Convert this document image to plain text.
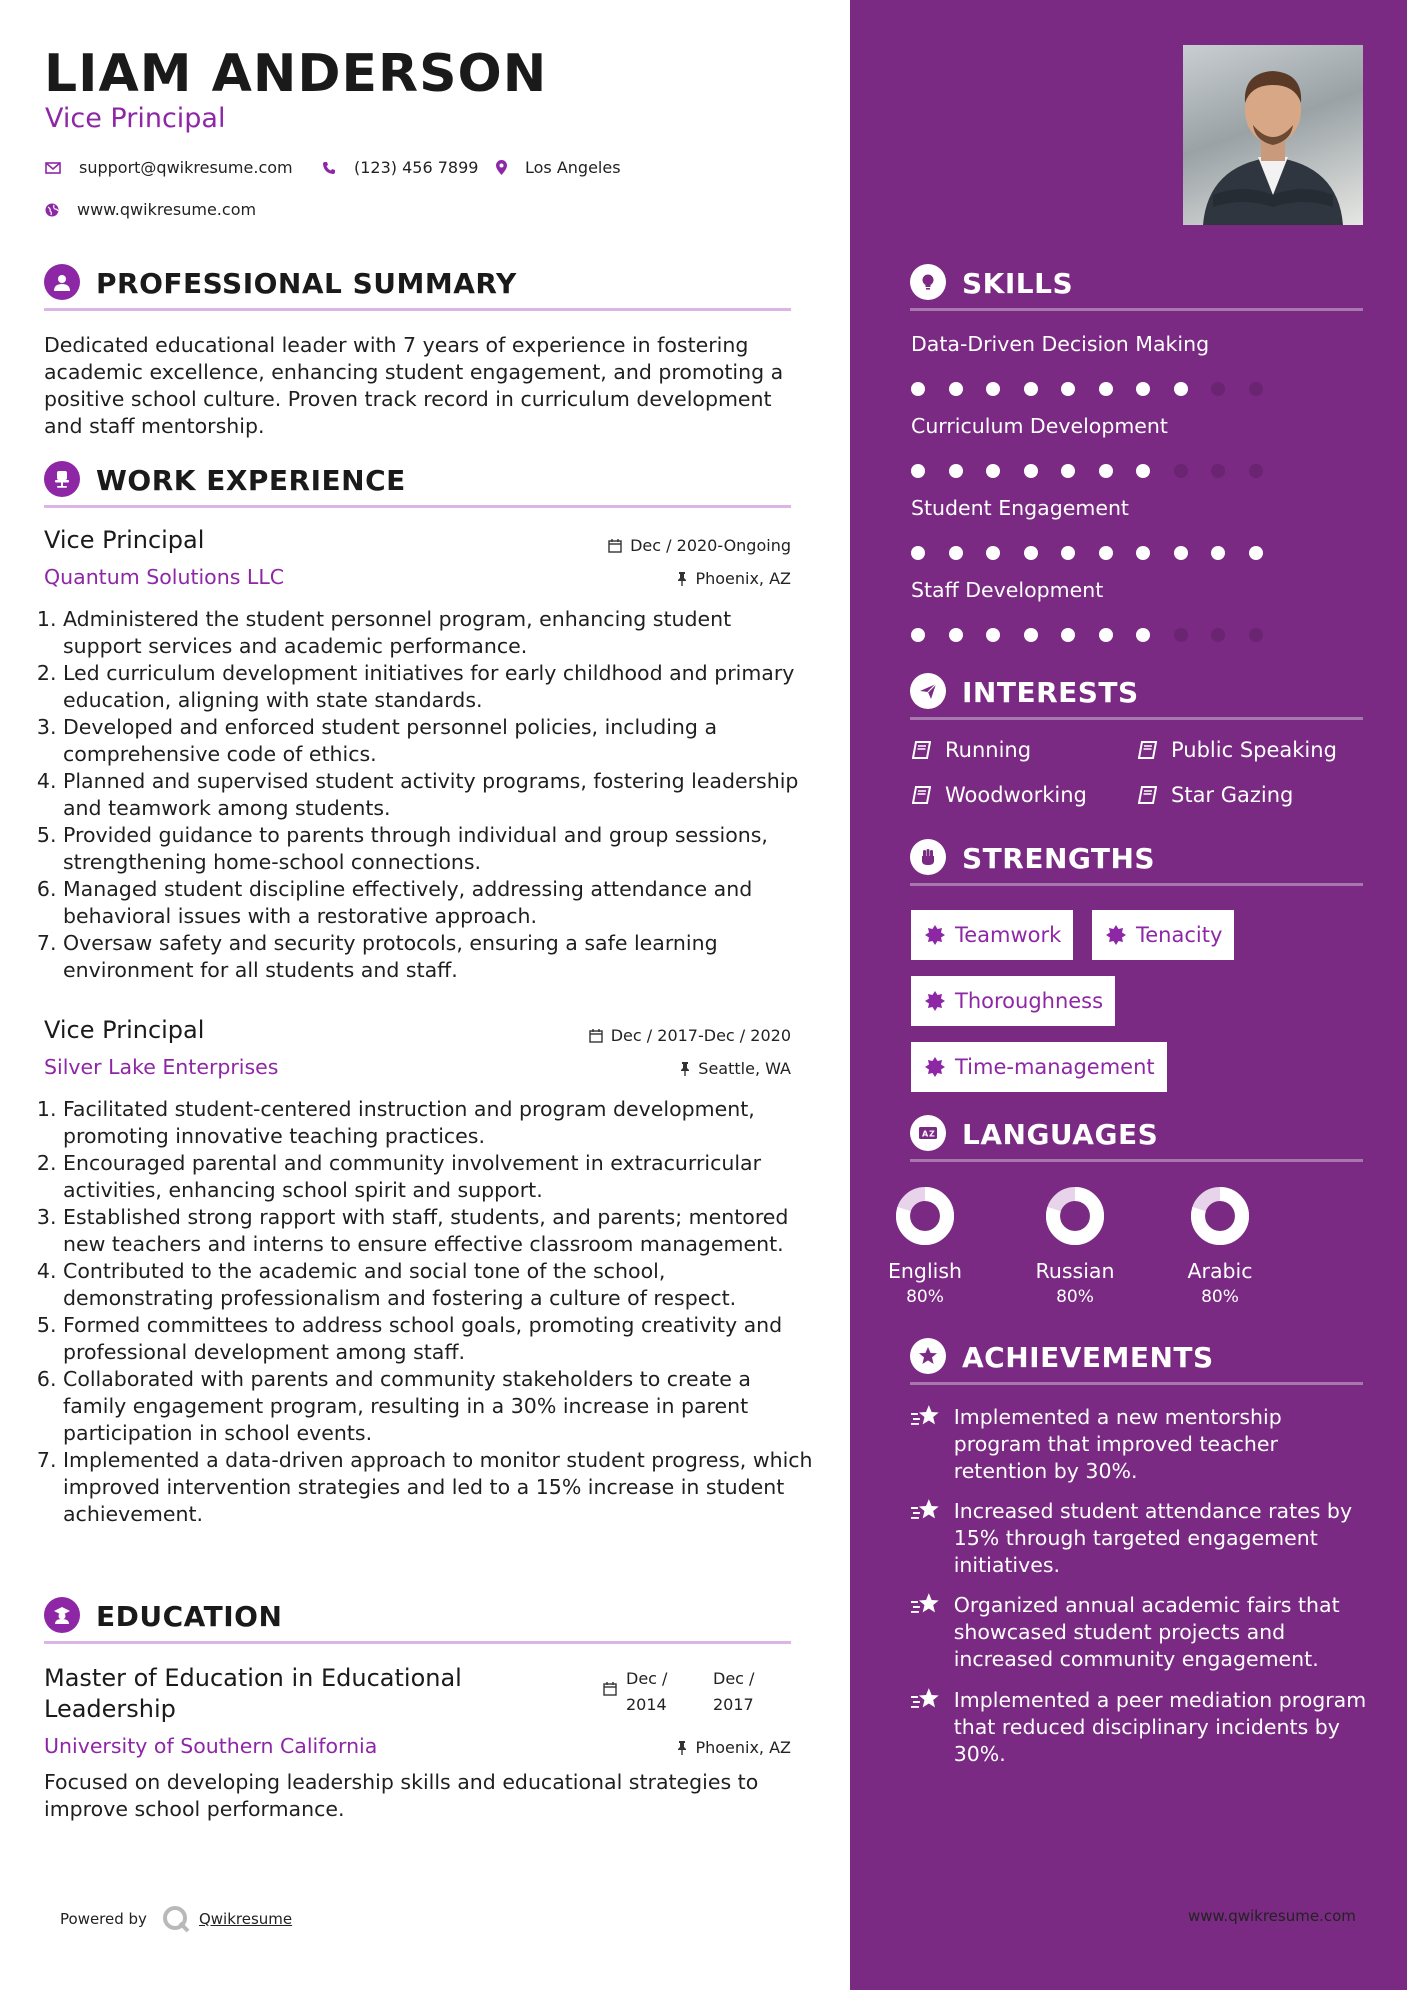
LIAM ANDERSON
Vice Principal
support@qwikresume.com	(123) 456 7899	Los Angeles
www.qwikresume.com
PROFESSIONAL SUMMARY
Dedicated educational leader with 7 years of experience in fostering academic excellence, enhancing student engagement, and promoting a positive school culture. Proven track record in curriculum development and staff mentorship.
WORK EXPERIENCE
Vice Principal	Dec / 2020-Ongoing
Quantum Solutions LLC	Phoenix, AZ
1. Administered the student personnel program, enhancing student support services and academic performance.
2. Led curriculum development initiatives for early childhood and primary education, aligning with state standards.
3. Developed and enforced student personnel policies, including a comprehensive code of ethics.
4. Planned and supervised student activity programs, fostering leadership and teamwork among students.
5. Provided guidance to parents through individual and group sessions, strengthening home-school connections.
6. Managed student discipline effectively, addressing attendance and behavioral issues with a restorative approach.
7. Oversaw safety and security protocols, ensuring a safe learning environment for all students and staff.
Vice Principal	Dec / 2017-Dec / 2020
Silver Lake Enterprises	Seattle, WA
1. Facilitated student-centered instruction and program development, promoting innovative teaching practices.
2. Encouraged parental and community involvement in extracurricular activities, enhancing school spirit and support.
3. Established strong rapport with staff, students, and parents; mentored new teachers and interns to ensure effective classroom management.
4. Contributed to the academic and social tone of the school, demonstrating professionalism and fostering a culture of respect.
5. Formed committees to address school goals, promoting creativity and professional development among staff.
6. Collaborated with parents and community stakeholders to create a family engagement program, resulting in a 30% increase in parent participation in school events.
7. Implemented a data-driven approach to monitor student progress, which improved intervention strategies and led to a 15% increase in student achievement.
EDUCATION
Master of Education in Educational Leadership
Dec / 2014
Dec / 2017
University of Southern California	Phoenix, AZ
Focused on developing leadership skills and educational strategies to improve school performance.
Powered by	Qwikresume
SKILLS
Data-Driven Decision Making
Curriculum Development
Student Engagement
Staff Development
INTERESTS
Running	Public Speaking
Woodworking	Star Gazing
STRENGTHS
Teamwork	Tenacity
Thoroughness
Time-management
A Z LANGUAGES
English
80%
Russian
80%
Arabic
80%
ACHIEVEMENTS
Implemented a new mentorship program that improved teacher retention by 30%.
Increased student attendance rates by 15% through targeted engagement initiatives.
Organized annual academic fairs that showcased student projects and increased community engagement.
Implemented a peer mediation program that reduced disciplinary incidents by 30%.
www.qwikresume.com
